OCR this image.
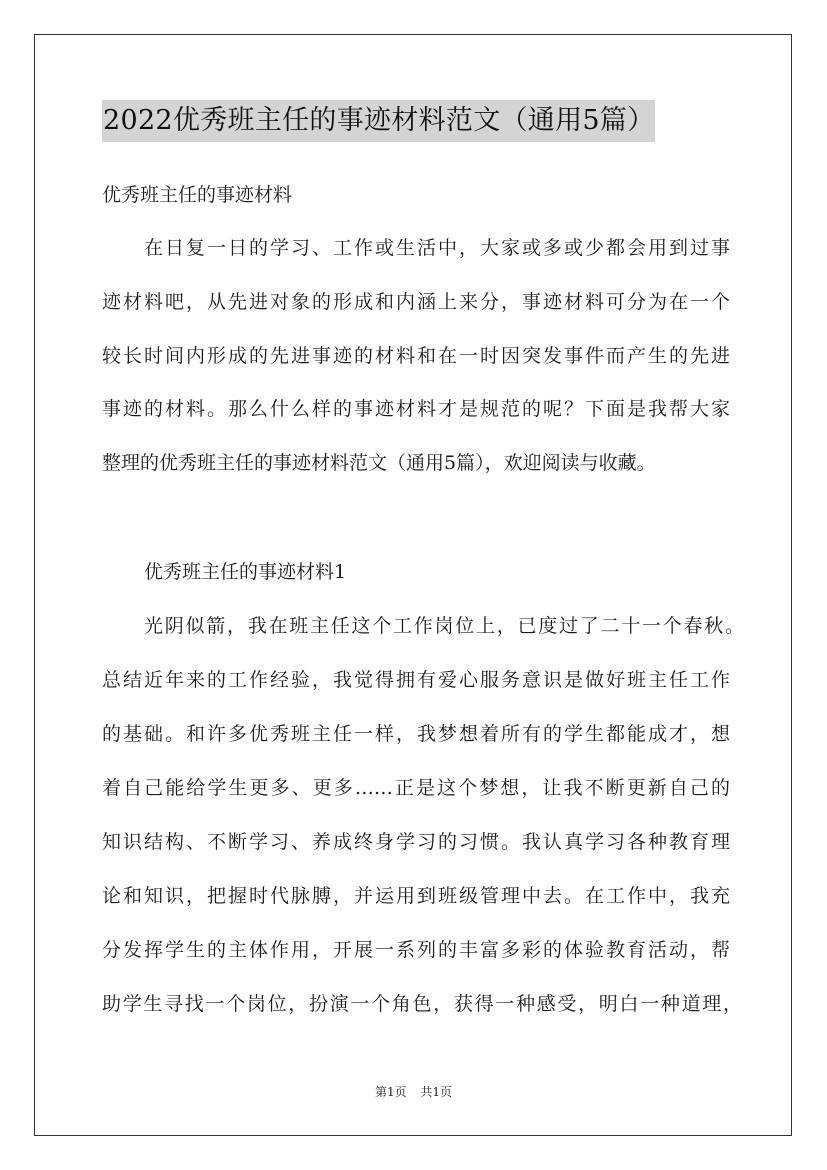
2022优秀班主任的事迹材料范文（通用5篇）
优秀班主任的事迹材料
在日复一日的学习、工作或生活中，大家或多或少都会用到过事
迹材料吧，从先进对象的形成和内涵上来分，事迹材料可分为在一个
较长时间内形成的先进事迹的材料和在一时因突发事件而产生的先进
事迹的材料。那么什么样的事迹材料才是规范的呢？下面是我帮大家
整理的优秀班主任的事迹材料范文（通用5篇），欢迎阅读与收藏。
优秀班主任的事迹材料1
光阴似箭，我在班主任这个工作岗位上，已度过了二十一个春秋。
总结近年来的工作经验，我觉得拥有爱心服务意识是做好班主任工作
的基础。和许多优秀班主任一样，我梦想着所有的学生都能成才，想
着自己能给学生更多、更多……正是这个梦想，让我不断更新自己的
知识结构、不断学习、养成终身学习的习惯。我认真学习各种教育理
论和知识，把握时代脉膊，并运用到班级管理中去。在工作中，我充
分发挥学生的主体作用，开展一系列的丰富多彩的体验教育活动，帮
助学生寻找一个岗位，扮演一个角色，获得一种感受，明白一种道理，
第1页 共1页
